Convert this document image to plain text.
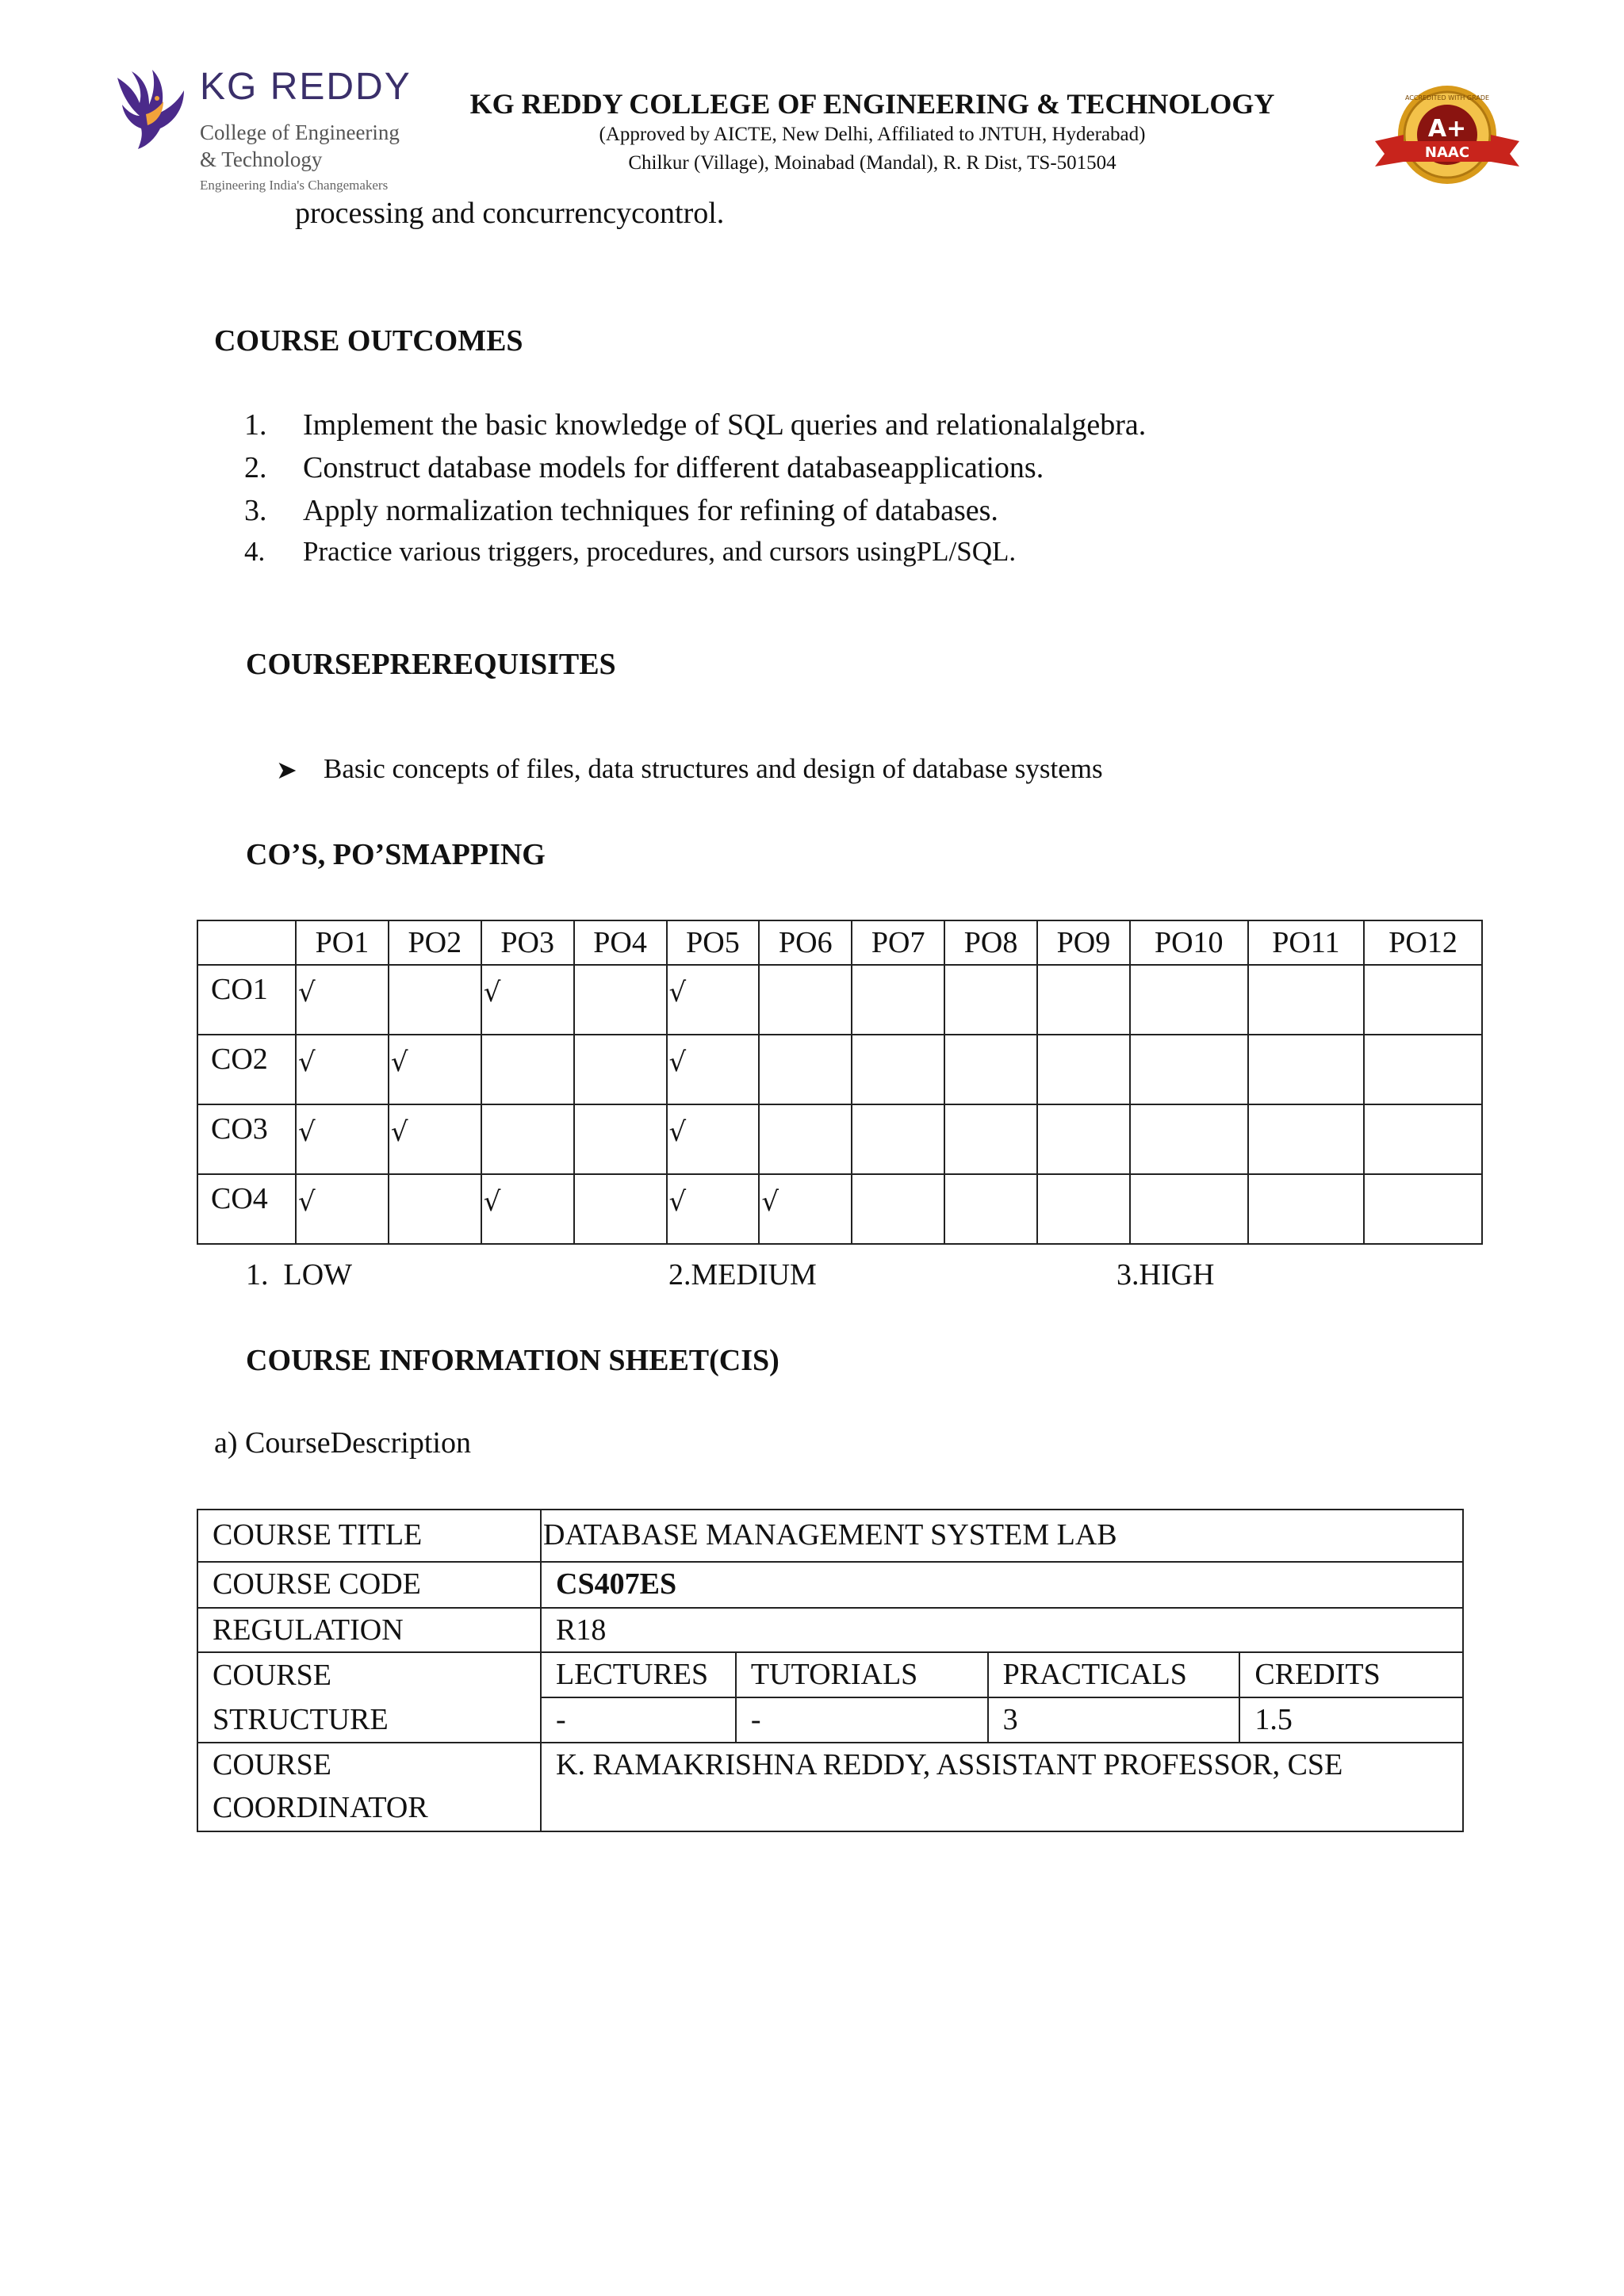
KG REDDY
College of Engineering
& Technology
Engineering India's Changemakers
KG REDDY COLLEGE OF ENGINEERING & TECHNOLOGY
(Approved by AICTE, New Delhi, Affiliated to JNTUH, Hyderabad)
Chilkur (Village), Moinabad (Mandal), R. R Dist, TS-501504
A+
NAAC
ACCREDITED WITH GRADE
processing and concurrencycontrol.
COURSE OUTCOMES
1.	Implement the basic knowledge of SQL queries and relationalalgebra.
2.	Construct database models for different databaseapplications.
3.	Apply normalization techniques for refining of databases.
4.	Practice various triggers, procedures, and cursors usingPL/SQL.
COURSEPREREQUISITES
➤ Basic concepts of files, data structures and design of database systems
CO’S, PO’SMAPPING
	PO1	PO2	PO3	PO4	PO5	PO6	PO7	PO8	PO9	PO10	PO11	PO12
CO1	√		√		√							
CO2	√	√			√							
CO3	√	√			√							
CO4	√		√		√	√						
1.  LOW	2.MEDIUM	3.HIGH
COURSE INFORMATION SHEET(CIS)
a) CourseDescription
COURSE TITLE	DATABASE MANAGEMENT SYSTEM LAB			
COURSE CODE	CS407ES			
REGULATION	R18			
COURSE
STRUCTURE	LECTURES	TUTORIALS	PRACTICALS	CREDITS
	-	-	3	1.5
COURSE
COORDINATOR	K. RAMAKRISHNA REDDY, ASSISTANT PROFESSOR, CSE			
